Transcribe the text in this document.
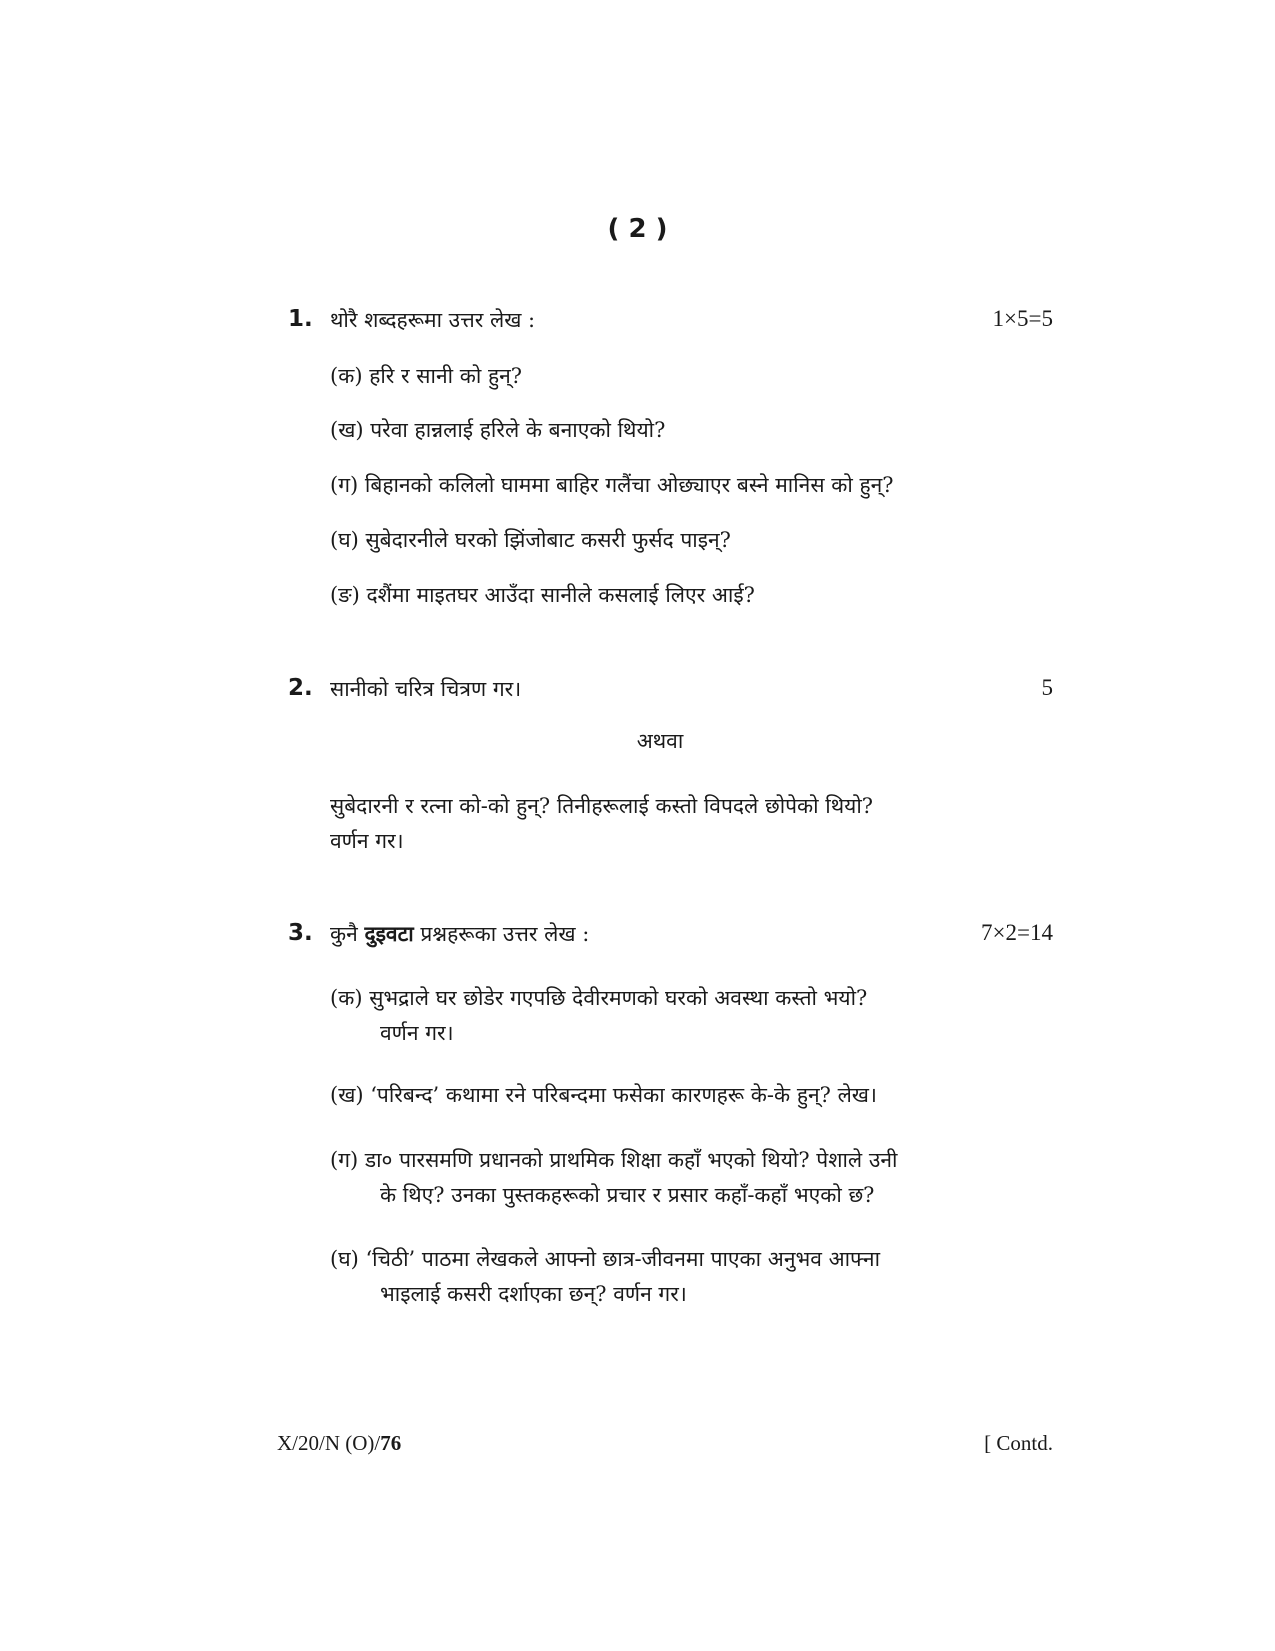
( 2 )
1. थोरै शब्दहरूमा उत्तर लेख :	1×5=5
(क) हरि र सानी को हुन्?
(ख) परेवा हान्नलाई हरिले के बनाएको थियो?
(ग) बिहानको कलिलो घाममा बाहिर गलैंचा ओछ्याएर बस्ने मानिस को हुन्?
(घ) सुबेदारनीले घरको झिंजोबाट कसरी फुर्सद पाइन्?
(ङ) दशैंमा माइतघर आउँदा सानीले कसलाई लिएर आई?
2. सानीको चरित्र चित्रण गर।	5
अथवा
सुबेदारनी र रत्ना को-को हुन्? तिनीहरूलाई कस्तो विपदले छोपेको थियो?
वर्णन गर।
3. कुनै दुइवटा प्रश्नहरूका उत्तर लेख :	7×2=14
(क) सुभद्राले घर छोडेर गएपछि देवीरमणको घरको अवस्था कस्तो भयो?
वर्णन गर।
(ख) ‘परिबन्द’ कथामा रने परिबन्दमा फसेका कारणहरू के-के हुन्? लेख।
(ग) डा० पारसमणि प्रधानको प्राथमिक शिक्षा कहाँ भएको थियो? पेशाले उनी
के थिए? उनका पुस्तकहरूको प्रचार र प्रसार कहाँ-कहाँ भएको छ?
(घ) ‘चिठी’ पाठमा लेखकले आफ्नो छात्र-जीवनमा पाएका अनुभव आफ्ना
भाइलाई कसरी दर्शाएका छन्? वर्णन गर।
X/20/N (O)/76	[ Contd.
